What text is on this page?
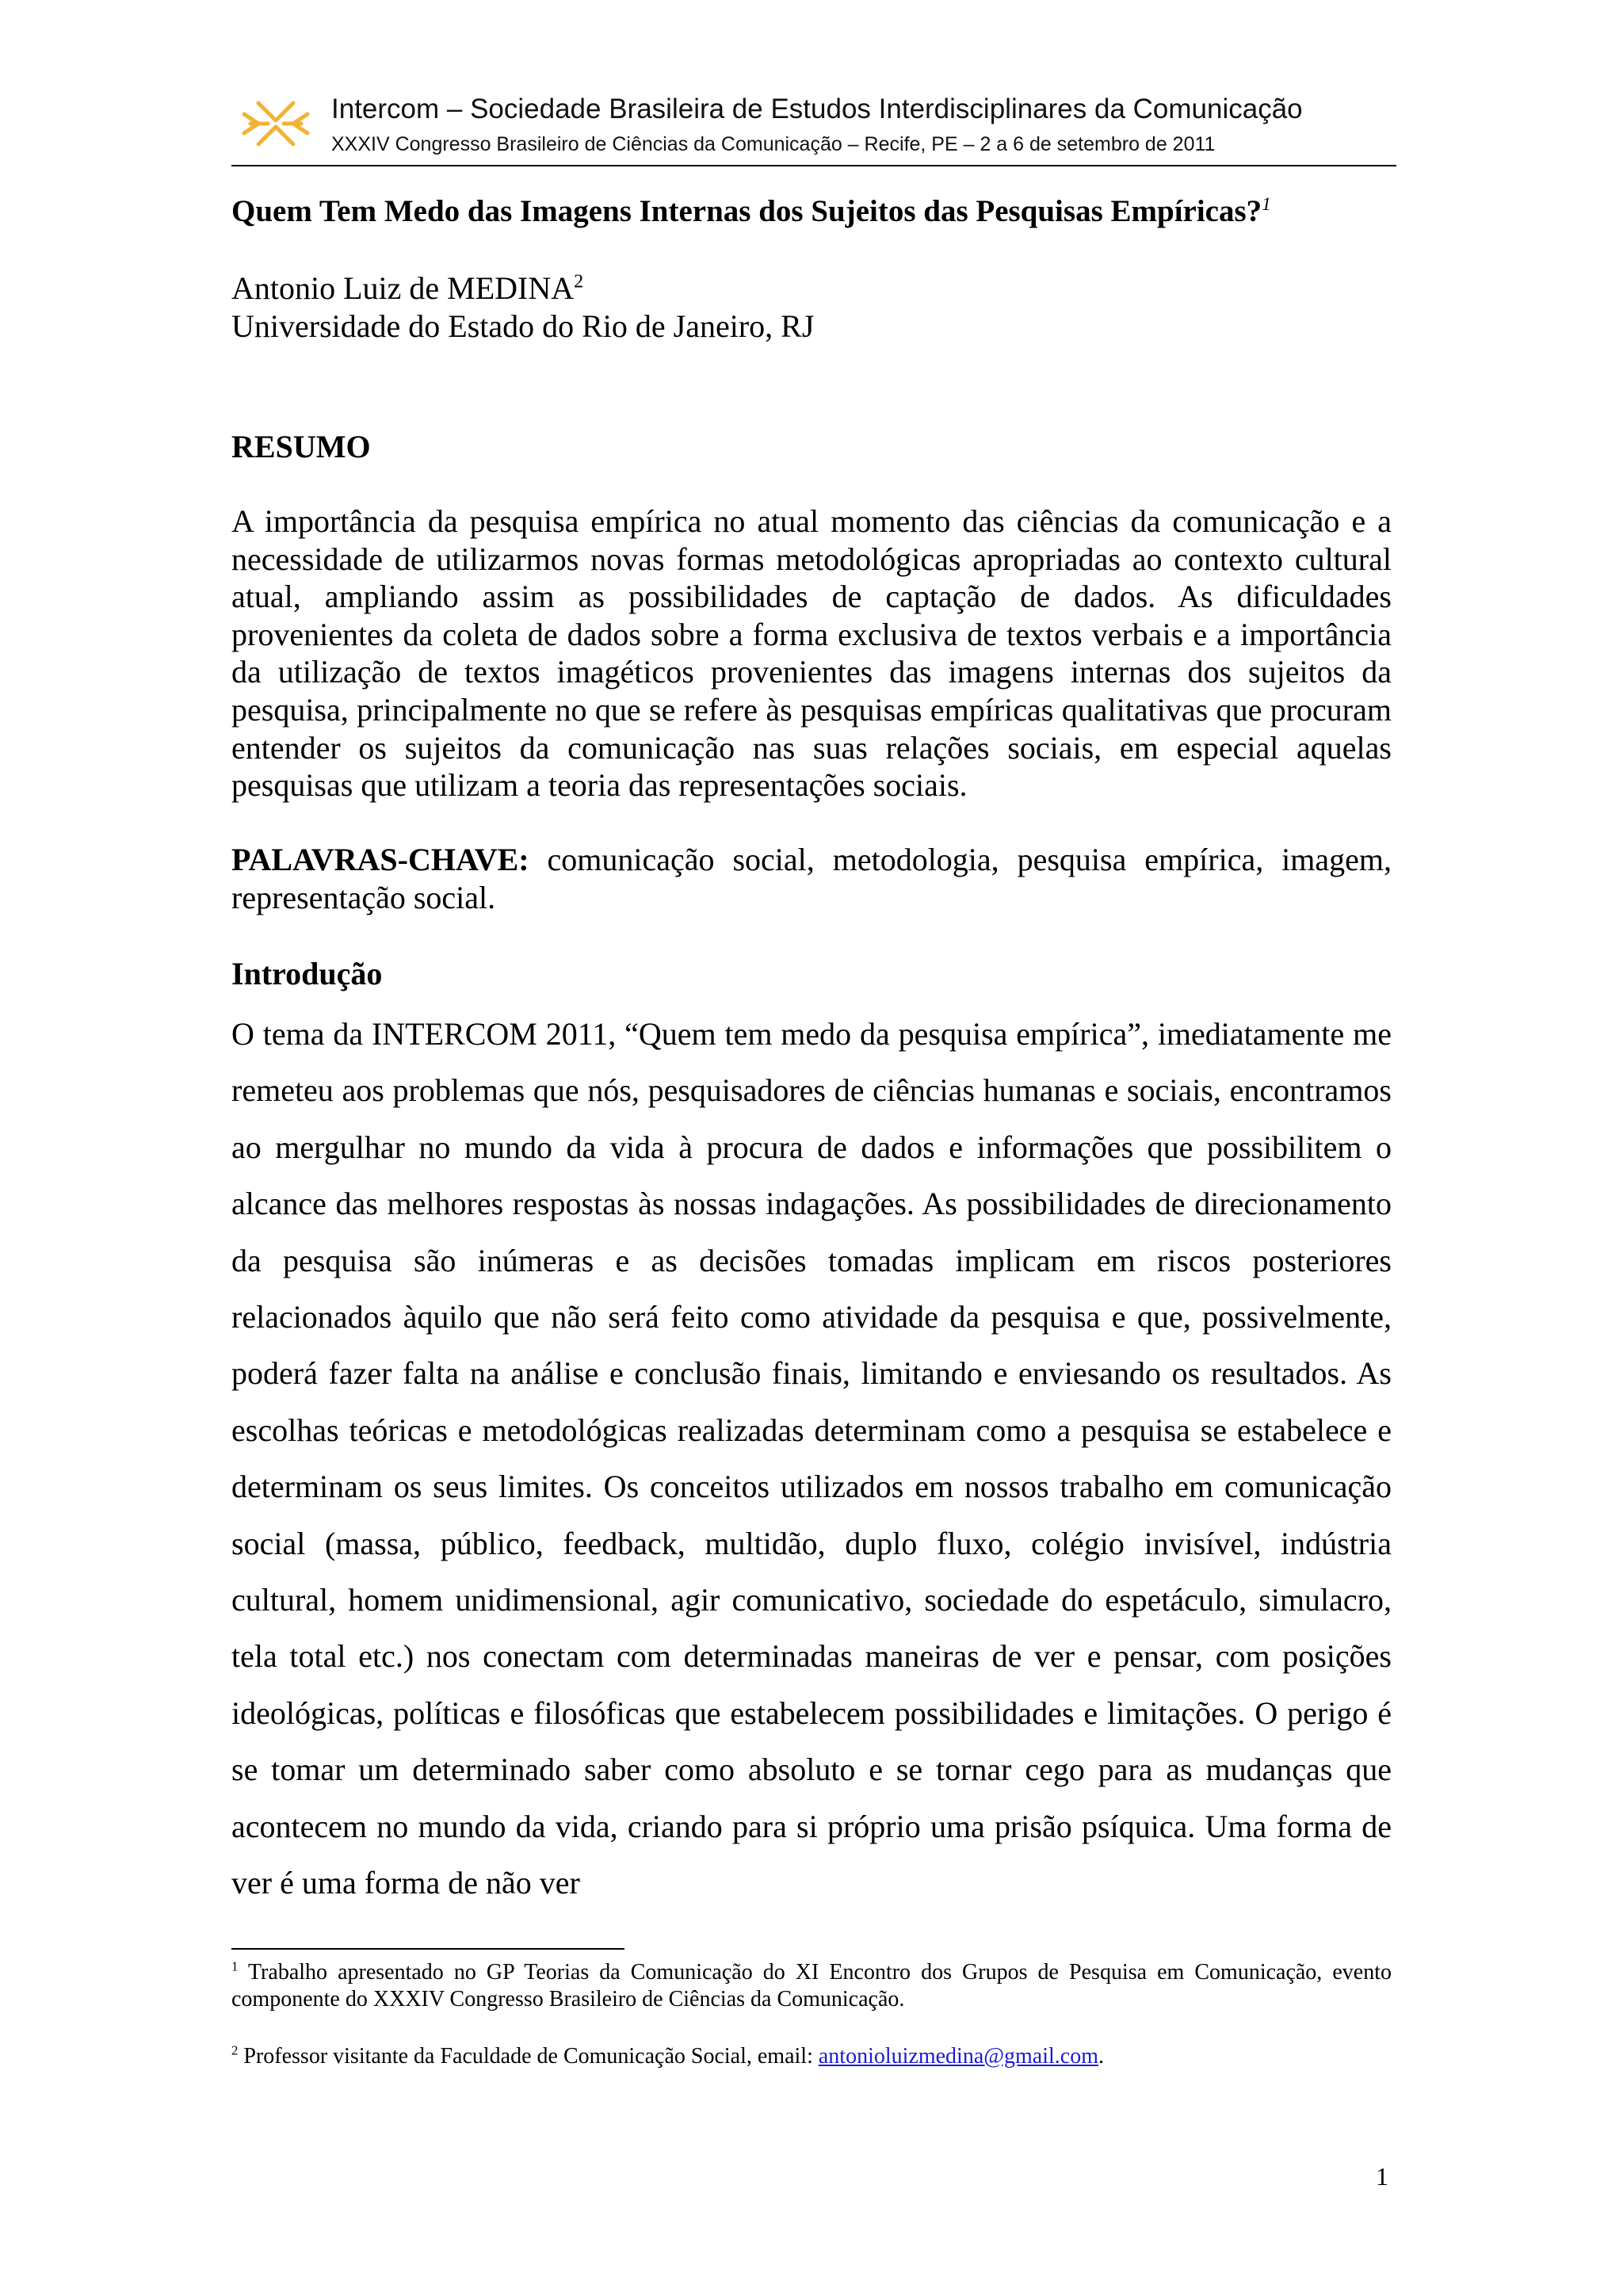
Intercom – Sociedade Brasileira de Estudos Interdisciplinares da Comunicação
XXXIV Congresso Brasileiro de Ciências da Comunicação – Recife, PE – 2 a 6 de setembro de 2011
Quem Tem Medo das Imagens Internas dos Sujeitos das Pesquisas Empíricas?$^1$
Antonio Luiz de MEDINA$^2$
Universidade do Estado do Rio de Janeiro, RJ
RESUMO

A importância da pesquisa empírica no atual momento das ciências da comunicação e a necessidade de utilizarmos novas formas metodológicas apropriadas ao contexto cultural atual, ampliando assim as possibilidades de captação de dados. As dificuldades provenientes da coleta de dados sobre a forma exclusiva de textos verbais e a importância da utilização de textos imagéticos provenientes das imagens internas dos sujeitos da pesquisa, principalmente no que se refere às pesquisas empíricas qualitativas que procuram entender os sujeitos da comunicação nas suas relações sociais, em especial aquelas pesquisas que utilizam a teoria das representações sociais.

PALAVRAS-CHAVE: comunicação social, metodologia, pesquisa empírica, imagem, representação social.

Introdução

O tema da INTERCOM 2011, “Quem tem medo da pesquisa empírica”, imediatamente me remeteu aos problemas que nós, pesquisadores de ciências humanas e sociais, encontramos ao mergulhar no mundo da vida à procura de dados e informações que possibilitem o alcance das melhores respostas às nossas indagações. As possibilidades de direcionamento da pesquisa são inúmeras e as decisões tomadas implicam em riscos posteriores relacionados àquilo que não será feito como atividade da pesquisa e que, possivelmente, poderá fazer falta na análise e conclusão finais, limitando e enviesando os resultados. As escolhas teóricas e metodológicas realizadas determinam como a pesquisa se estabelece e determinam os seus limites. Os conceitos utilizados em nossos trabalho em comunicação social (massa, público, feedback, multidão, duplo fluxo, colégio invisível, indústria cultural, homem unidimensional, agir comunicativo, sociedade do espetáculo, simulacro, tela total etc.) nos conectam com determinadas maneiras de ver e pensar, com posições ideológicas, políticas e filosóficas que estabelecem possibilidades e limitações. O perigo é se tomar um determinado saber como absoluto e se tornar cego para as mudanças que acontecem no mundo da vida, criando para si próprio uma prisão psíquica. Uma forma de ver é uma forma de não ver

$^1$ Trabalho apresentado no GP Teorias da Comunicação do XI Encontro dos Grupos de Pesquisa em Comunicação, evento componente do XXXIV Congresso Brasileiro de Ciências da Comunicação.

$^2$ Professor visitante da Faculdade de Comunicação Social, email: antonioluizmedina@gmail.com.

1
